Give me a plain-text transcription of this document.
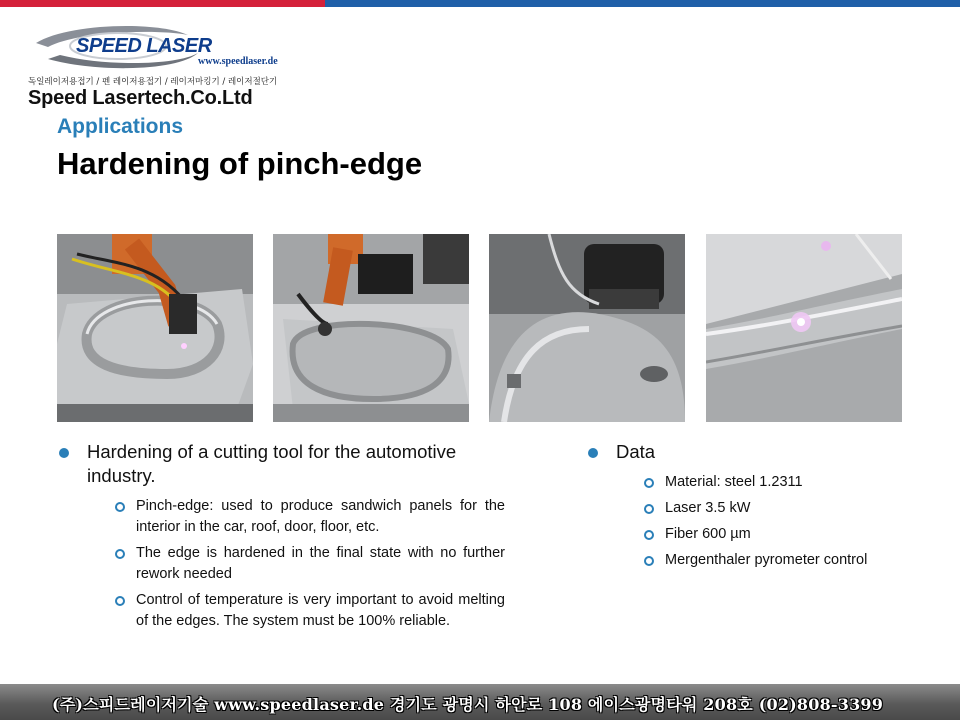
SPEED LASER
www.speedlaser.de
독일레이저용접기 / 펜 레이저용접기 / 레이저마킹기 / 레이저절단기
Speed Lasertech.Co.Ltd
Applications
Hardening of pinch-edge
Hardening of a cutting tool for the automotive industry.
Pinch-edge: used to produce sandwich panels for the interior in the car, roof, door, floor, etc.
The edge is hardened in the final state with no further rework needed
Control of temperature is very important to avoid melting of the edges. The system must be 100% reliable.
Data
Material: steel 1.2311
Laser 3.5 kW
Fiber 600 µm
Mergenthaler pyrometer control
(주)스피드레이저기술 www.speedlaser.de 경기도 광명시 하안로 108 에이스광명타워 208호 (02)808-3399
